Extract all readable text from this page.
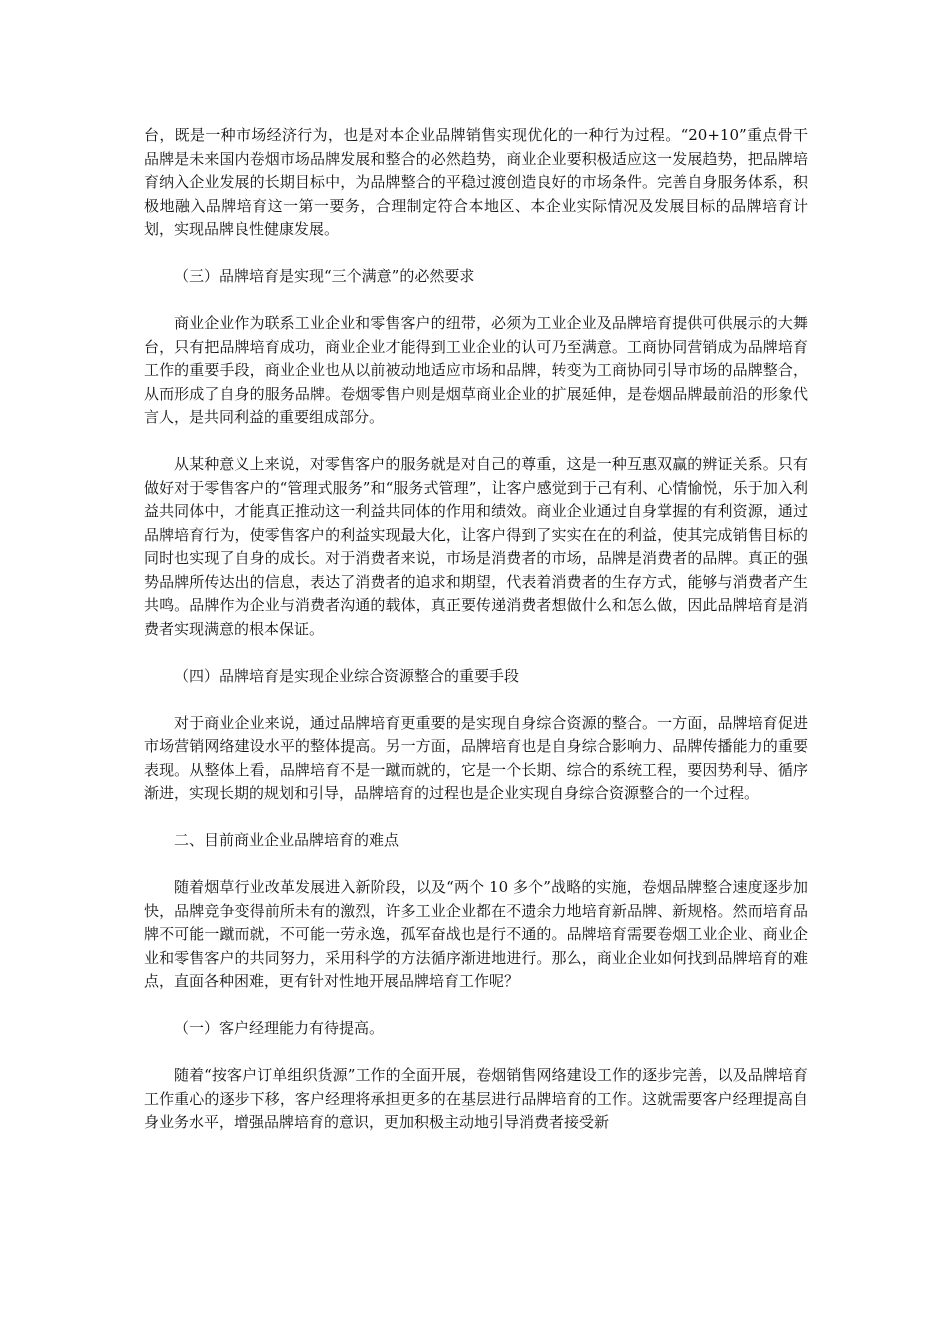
台，既是一种市场经济行为，也是对本企业品牌销售实现优化的一种行为过程。“20+10”重点骨干品牌是未来国内卷烟市场品牌发展和整合的必然趋势，商业企业要积极适应这一发展趋势，把品牌培育纳入企业发展的长期目标中，为品牌整合的平稳过渡创造良好的市场条件。完善自身服务体系，积极地融入品牌培育这一第一要务，合理制定符合本地区、本企业实际情况及发展目标的品牌培育计划，实现品牌良性健康发展。

（三）品牌培育是实现“三个满意”的必然要求

商业企业作为联系工业企业和零售客户的纽带，必须为工业企业及品牌培育提供可供展示的大舞台，只有把品牌培育成功，商业企业才能得到工业企业的认可乃至满意。工商协同营销成为品牌培育工作的重要手段，商业企业也从以前被动地适应市场和品牌，转变为工商协同引导市场的品牌整合，从而形成了自身的服务品牌。卷烟零售户则是烟草商业企业的扩展延伸，是卷烟品牌最前沿的形象代言人，是共同利益的重要组成部分。

从某种意义上来说，对零售客户的服务就是对自己的尊重，这是一种互惠双赢的辨证关系。只有做好对于零售客户的“管理式服务”和“服务式管理”，让客户感觉到于己有利、心情愉悦，乐于加入利益共同体中，才能真正推动这一利益共同体的作用和绩效。商业企业通过自身掌握的有利资源，通过品牌培育行为，使零售客户的利益实现最大化，让客户得到了实实在在的利益，使其完成销售目标的同时也实现了自身的成长。对于消费者来说，市场是消费者的市场，品牌是消费者的品牌。真正的强势品牌所传达出的信息，表达了消费者的追求和期望，代表着消费者的生存方式，能够与消费者产生共鸣。品牌作为企业与消费者沟通的载体，真正要传递消费者想做什么和怎么做，因此品牌培育是消费者实现满意的根本保证。

（四）品牌培育是实现企业综合资源整合的重要手段

对于商业企业来说，通过品牌培育更重要的是实现自身综合资源的整合。一方面，品牌培育促进市场营销网络建设水平的整体提高。另一方面，品牌培育也是自身综合影响力、品牌传播能力的重要表现。从整体上看，品牌培育不是一蹴而就的，它是一个长期、综合的系统工程，要因势利导、循序渐进，实现长期的规划和引导，品牌培育的过程也是企业实现自身综合资源整合的一个过程。

二、目前商业企业品牌培育的难点

随着烟草行业改革发展进入新阶段，以及“两个 10 多个”战略的实施，卷烟品牌整合速度逐步加快，品牌竞争变得前所未有的激烈，许多工业企业都在不遗余力地培育新品牌、新规格。然而培育品牌不可能一蹴而就，不可能一劳永逸，孤军奋战也是行不通的。品牌培育需要卷烟工业企业、商业企业和零售客户的共同努力，采用科学的方法循序渐进地进行。那么，商业企业如何找到品牌培育的难点，直面各种困难，更有针对性地开展品牌培育工作呢？

（一）客户经理能力有待提高。

随着“按客户订单组织货源”工作的全面开展，卷烟销售网络建设工作的逐步完善，以及品牌培育工作重心的逐步下移，客户经理将承担更多的在基层进行品牌培育的工作。这就需要客户经理提高自身业务水平，增强品牌培育的意识，更加积极主动地引导消费者接受新
